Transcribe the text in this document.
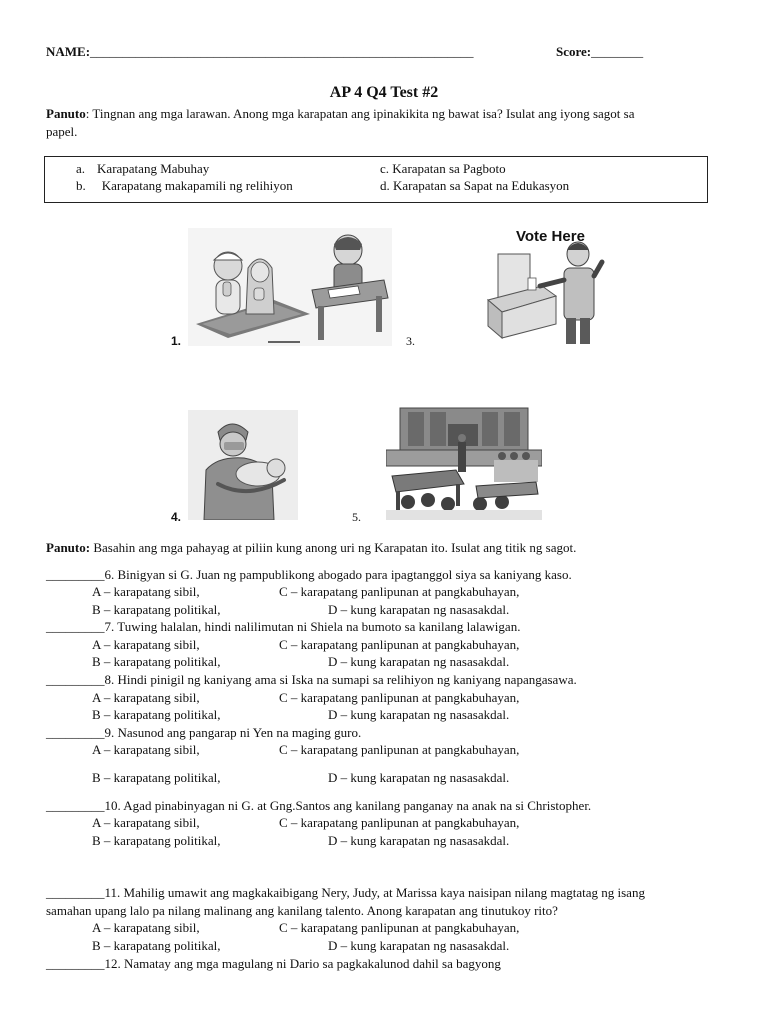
NAME:___________________________________________________________	Score:________
AP 4 Q4 Test #2
Panuto: Tingnan ang mga larawan. Anong mga karapatan ang ipinakikita ng bawat isa? Isulat ang iyong sagot sa
papel.
a. Karapatang Mabuhay
b. Karapatang makapamili ng relihiyon
c. Karapatan sa Pagboto
d. Karapatan sa Sapat na Edukasyon
1.
Vote Here
3.
4.	5.
Panuto: Basahin ang mga pahayag at piliin kung anong uri ng Karapatan ito. Isulat ang titik ng sagot.
_________6. Binigyan si G. Juan ng pampublikong abogado para ipagtanggol siya sa kaniyang kaso.
A – karapatang sibil,	C – karapatang panlipunan at pangkabuhayan,
B – karapatang politikal,	D – kung karapatan ng nasasakdal.
_________7. Tuwing halalan, hindi nalilimutan ni Shiela na bumoto sa kanilang lalawigan.
A – karapatang sibil,	C – karapatang panlipunan at pangkabuhayan,
B – karapatang politikal,	D – kung karapatan ng nasasakdal.
_________8. Hindi pinigil ng kaniyang ama si Iska na sumapi sa relihiyon ng kaniyang napangasawa.
A – karapatang sibil,	C – karapatang panlipunan at pangkabuhayan,
B – karapatang politikal,	D – kung karapatan ng nasasakdal.
_________9. Nasunod ang pangarap ni Yen na maging guro.
A – karapatang sibil,	C – karapatang panlipunan at pangkabuhayan,
B – karapatang politikal,	D – kung karapatan ng nasasakdal.
_________10. Agad pinabinyagan ni G. at Gng.Santos ang kanilang panganay na anak na si Christopher.
A – karapatang sibil,	C – karapatang panlipunan at pangkabuhayan,
B – karapatang politikal,	D – kung karapatan ng nasasakdal.
_________11. Mahilig umawit ang magkakaibigang Nery, Judy, at Marissa kaya naisipan nilang magtatag ng isang
samahan upang lalo pa nilang malinang ang kanilang talento. Anong karapatan ang tinutukoy rito?
A – karapatang sibil,	C – karapatang panlipunan at pangkabuhayan,
B – karapatang politikal,	D – kung karapatan ng nasasakdal.
_________12. Namatay ang mga magulang ni Dario sa pagkakalunod dahil sa bagyong
